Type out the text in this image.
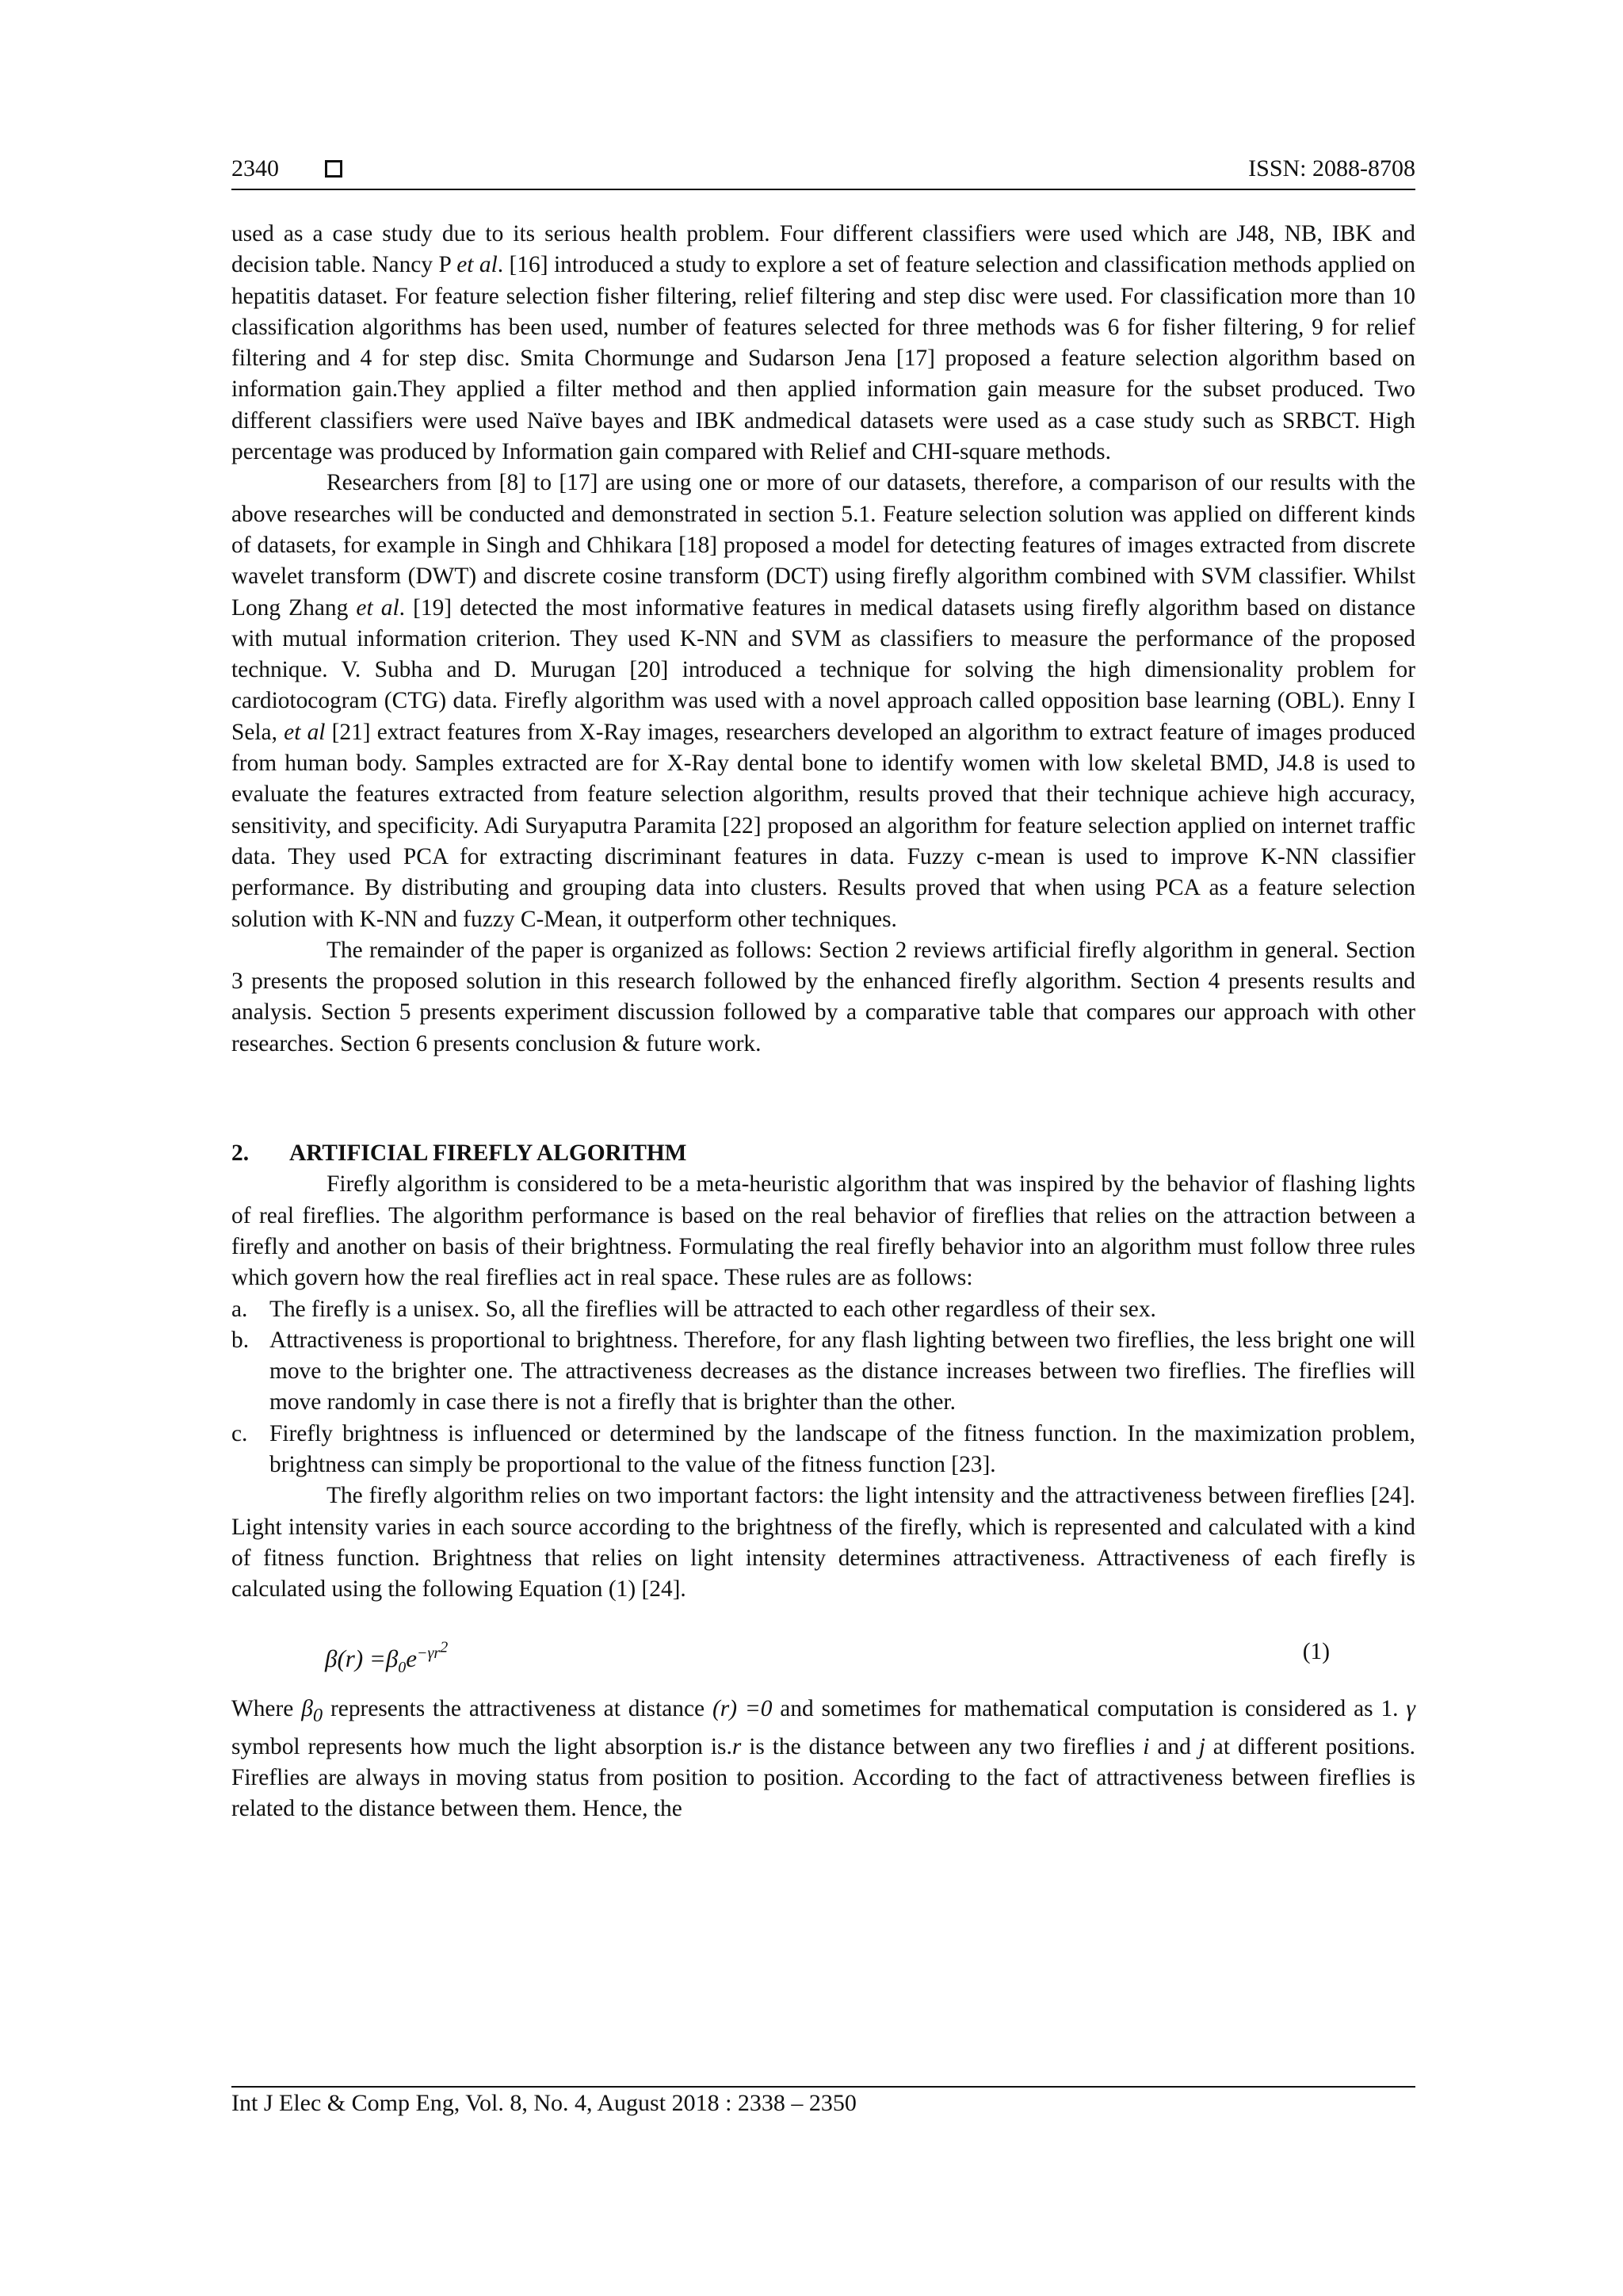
2340	ISSN: 2088-8708

used as a case study due to its serious health problem. Four different classifiers were used which are J48, NB, IBK and decision table. Nancy P et al. [16] introduced a study to explore a set of feature selection and classification methods applied on hepatitis dataset. For feature selection fisher filtering, relief filtering and step disc were used. For classification more than 10 classification algorithms has been used, number of features selected for three methods was 6 for fisher filtering, 9 for relief filtering and 4 for step disc. Smita Chormunge and Sudarson Jena [17] proposed a feature selection algorithm based on information gain.They applied a filter method and then applied information gain measure for the subset produced. Two different classifiers were used Naïve bayes and IBK andmedical datasets were used as a case study such as SRBCT. High percentage was produced by Information gain compared with Relief and CHI-square methods.

Researchers from [8] to [17] are using one or more of our datasets, therefore, a comparison of our results with the above researches will be conducted and demonstrated in section 5.1. Feature selection solution was applied on different kinds of datasets, for example in Singh and Chhikara [18] proposed a model for detecting features of images extracted from discrete wavelet transform (DWT) and discrete cosine transform (DCT) using firefly algorithm combined with SVM classifier. Whilst Long Zhang et al. [19] detected the most informative features in medical datasets using firefly algorithm based on distance with mutual information criterion. They used K-NN and SVM as classifiers to measure the performance of the proposed technique. V. Subha and D. Murugan [20] introduced a technique for solving the high dimensionality problem for cardiotocogram (CTG) data. Firefly algorithm was used with a novel approach called opposition base learning (OBL). Enny I Sela, et al [21] extract features from X-Ray images, researchers developed an algorithm to extract feature of images produced from human body. Samples extracted are for X-Ray dental bone to identify women with low skeletal BMD, J4.8 is used to evaluate the features extracted from feature selection algorithm, results proved that their technique achieve high accuracy, sensitivity, and specificity. Adi Suryaputra Paramita [22] proposed an algorithm for feature selection applied on internet traffic data. They used PCA for extracting discriminant features in data. Fuzzy c-mean is used to improve K-NN classifier performance. By distributing and grouping data into clusters. Results proved that when using PCA as a feature selection solution with K-NN and fuzzy C-Mean, it outperform other techniques.

The remainder of the paper is organized as follows: Section 2 reviews artificial firefly algorithm in general. Section 3 presents the proposed solution in this research followed by the enhanced firefly algorithm. Section 4 presents results and analysis. Section 5 presents experiment discussion followed by a comparative table that compares our approach with other researches. Section 6 presents conclusion & future work.

2. ARTIFICIAL FIREFLY ALGORITHM

Firefly algorithm is considered to be a meta-heuristic algorithm that was inspired by the behavior of flashing lights of real fireflies. The algorithm performance is based on the real behavior of fireflies that relies on the attraction between a firefly and another on basis of their brightness. Formulating the real firefly behavior into an algorithm must follow three rules which govern how the real fireflies act in real space. These rules are as follows:

a. The firefly is a unisex. So, all the fireflies will be attracted to each other regardless of their sex.
b. Attractiveness is proportional to brightness. Therefore, for any flash lighting between two fireflies, the less bright one will move to the brighter one. The attractiveness decreases as the distance increases between two fireflies. The fireflies will move randomly in case there is not a firefly that is brighter than the other.
c. Firefly brightness is influenced or determined by the landscape of the fitness function. In the maximization problem, brightness can simply be proportional to the value of the fitness function [23].

The firefly algorithm relies on two important factors: the light intensity and the attractiveness between fireflies [24]. Light intensity varies in each source according to the brightness of the firefly, which is represented and calculated with a kind of fitness function. Brightness that relies on light intensity determines attractiveness. Attractiveness of each firefly is calculated using the following Equation (1) [24].

$\beta(r) =\beta_0e^{-\gamma r^2}$	(1)

Where $\beta_0$ represents the attractiveness at distance (r) =0 and sometimes for mathematical computation is considered as 1. γ symbol represents how much the light absorption is.r is the distance between any two fireflies i and j at different positions. Fireflies are always in moving status from position to position. According to the fact of attractiveness between fireflies is related to the distance between them. Hence, the

Int J Elec & Comp Eng, Vol. 8, No. 4, August 2018 : 2338 – 2350
